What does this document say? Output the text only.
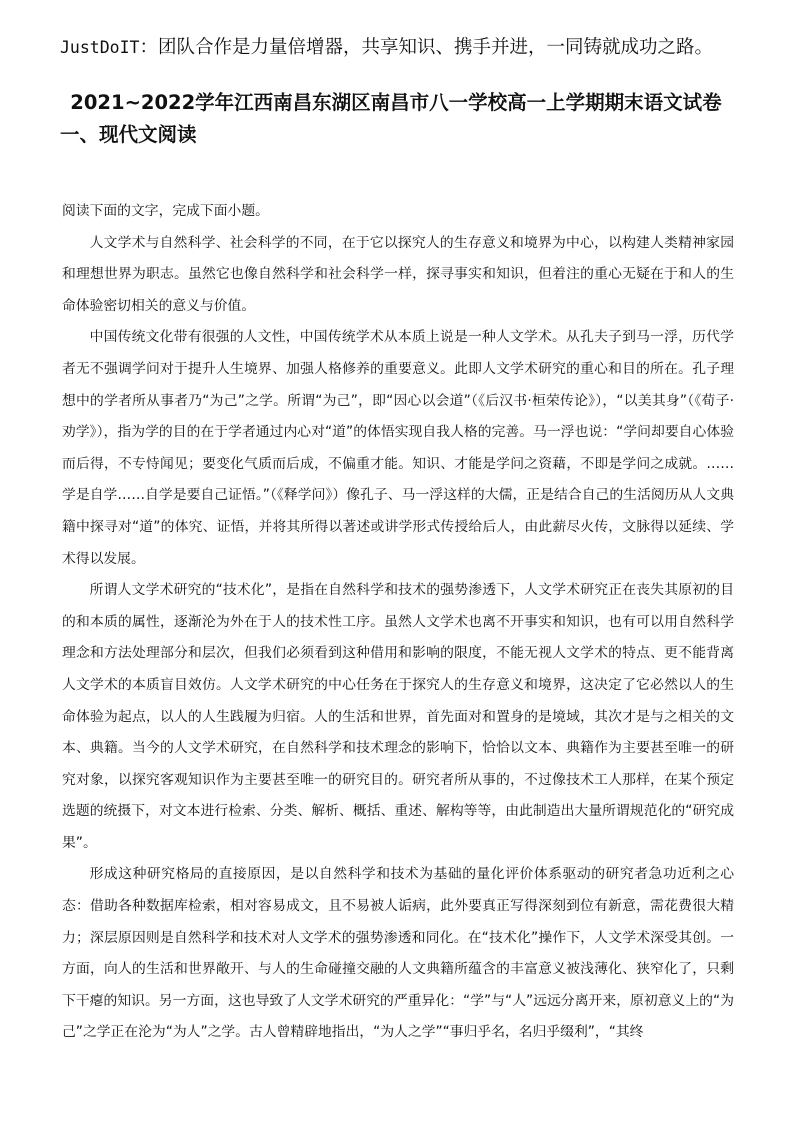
JustDoIT：团队合作是力量倍增器，共享知识、携手并进，一同铸就成功之路。
2021~2022学年江西南昌东湖区南昌市八一学校高一上学期期末语文试卷
一、现代文阅读

阅读下面的文字，完成下面小题。

人文学术与自然科学、社会科学的不同，在于它以探究人的生存意义和境界为中心，以构建人类精神家园和理想世界为职志。虽然它也像自然科学和社会科学一样，探寻事实和知识，但着注的重心无疑在于和人的生命体验密切相关的意义与价值。

中国传统文化带有很强的人文性，中国传统学术从本质上说是一种人文学术。从孔夫子到马一浮，历代学者无不强调学问对于提升人生境界、加强人格修养的重要意义。此即人文学术研究的重心和目的所在。孔子理想中的学者所从事者乃“为己”之学。所谓“为己”，即“因心以会道”（《后汉书·桓荣传论》），“以美其身”（《荀子·劝学》），指为学的目的在于学者通过内心对“道”的体悟实现自我人格的完善。马一浮也说：“学问却要自心体验而后得，不专恃闻见；要变化气质而后成，不偏重才能。知识、才能是学问之资藉，不即是学问之成就。……学是自学……自学是要自己证悟。”（《释学问》）像孔子、马一浮这样的大儒，正是结合自己的生活阅历从人文典籍中探寻对“道”的体究、证悟，并将其所得以著述或讲学形式传授给后人，由此薪尽火传，文脉得以延续、学术得以发展。

所谓人文学术研究的“技术化”，是指在自然科学和技术的强势渗透下，人文学术研究正在丧失其原初的目的和本质的属性，逐渐沦为外在于人的技术性工序。虽然人文学术也离不开事实和知识，也有可以用自然科学理念和方法处理部分和层次，但我们必须看到这种借用和影响的限度，不能无视人文学术的特点、更不能背离人文学术的本质盲目效仿。人文学术研究的中心任务在于探究人的生存意义和境界，这决定了它必然以人的生命体验为起点，以人的人生践履为归宿。人的生活和世界，首先面对和置身的是境域，其次才是与之相关的文本、典籍。当今的人文学术研究，在自然科学和技术理念的影响下，恰恰以文本、典籍作为主要甚至唯一的研究对象，以探究客观知识作为主要甚至唯一的研究目的。研究者所从事的，不过像技术工人那样，在某个预定选题的统摄下，对文本进行检索、分类、解析、概括、重述、解构等等，由此制造出大量所谓规范化的“研究成果”。

形成这种研究格局的直接原因，是以自然科学和技术为基础的量化评价体系驱动的研究者急功近利之心态：借助各种数据库检索，相对容易成文，且不易被人诟病，此外要真正写得深刻到位有新意，需花费很大精力；深层原因则是自然科学和技术对人文学术的强势渗透和同化。在“技术化”操作下，人文学术深受其创。一方面，向人的生活和世界敞开、与人的生命碰撞交融的人文典籍所蕴含的丰富意义被浅薄化、狭窄化了，只剩下干瘪的知识。另一方面，这也导致了人文学术研究的严重异化：“学”与“人”远远分离开来，原初意义上的“为己”之学正在沦为“为人”之学。古人曾精辟地指出，“为人之学”“事归乎名，名归乎缀利”，“其终
